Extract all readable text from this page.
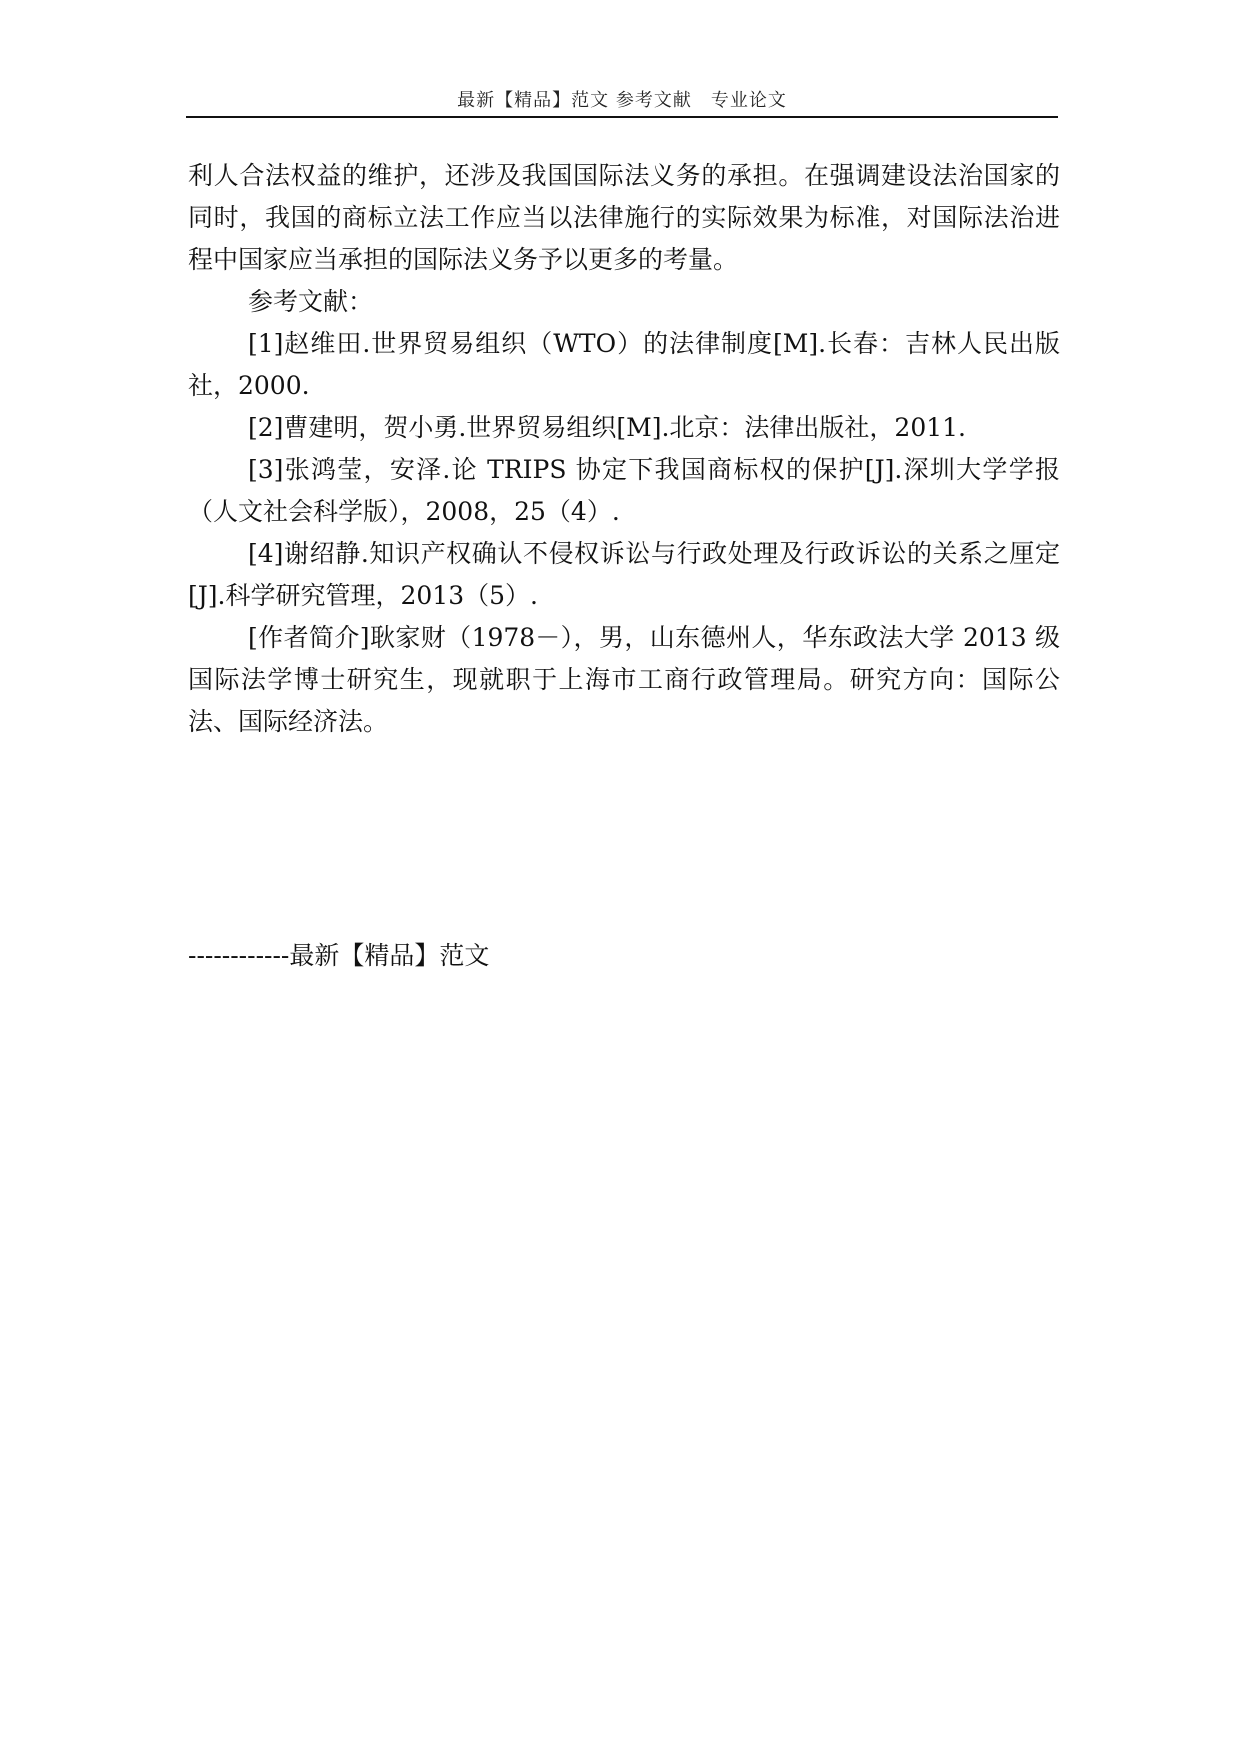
最新【精品】范文 参考文献　专业论文

利人合法权益的维护，还涉及我国国际法义务的承担。在强调建设法治国家的同时，我国的商标立法工作应当以法律施行的实际效果为标准，对国际法治进程中国家应当承担的国际法义务予以更多的考量。

参考文献：

[1]赵维田.世界贸易组织（WTO）的法律制度[M].长春：吉林人民出版社，2000.

[2]曹建明，贺小勇.世界贸易组织[M].北京：法律出版社，2011.

[3]张鸿莹，安泽.论 TRIPS 协定下我国商标权的保护[J].深圳大学学报（人文社会科学版），2008，25（4）.

[4]谢绍静.知识产权确认不侵权诉讼与行政处理及行政诉讼的关系之厘定[J].科学研究管理，2013（5）.

[作者简介]耿家财（1978－），男，山东德州人，华东政法大学 2013 级国际法学博士研究生，现就职于上海市工商行政管理局。研究方向：国际公法、国际经济法。

------------最新【精品】范文
